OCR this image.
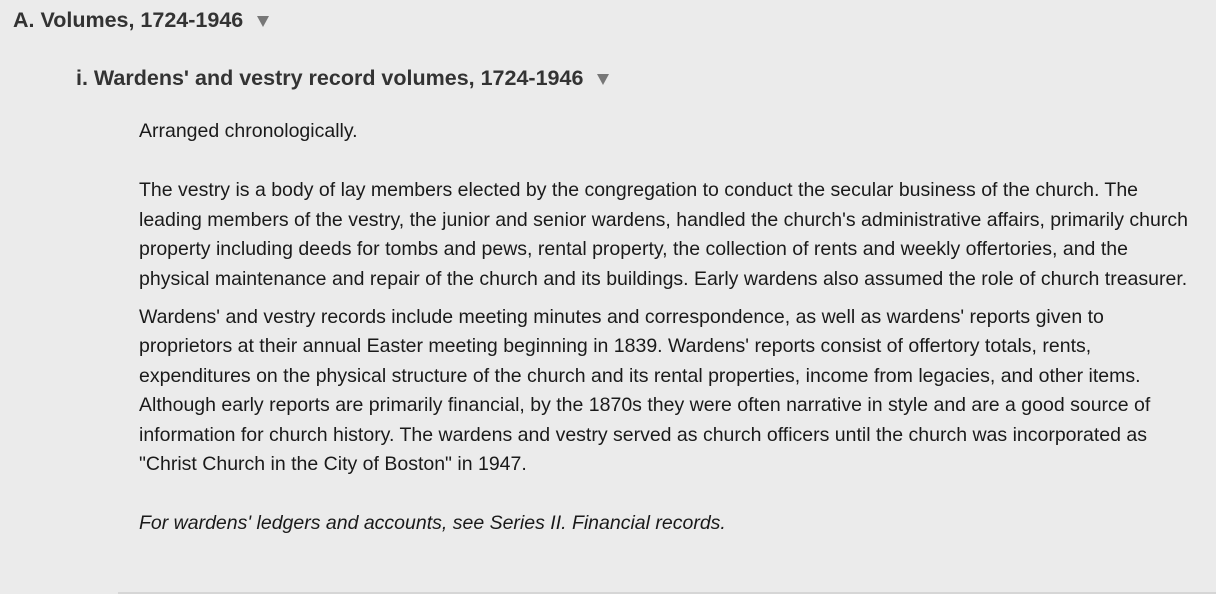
A. Volumes, 1724-1946
i. Wardens' and vestry record volumes, 1724-1946

Arranged chronologically.

The vestry is a body of lay members elected by the congregation to conduct the secular business of the church. The leading members of the vestry, the junior and senior wardens, handled the church's administrative affairs, primarily church property including deeds for tombs and pews, rental property, the collection of rents and weekly offertories, and the physical maintenance and repair of the church and its buildings. Early wardens also assumed the role of church treasurer.

Wardens' and vestry records include meeting minutes and correspondence, as well as wardens' reports given to proprietors at their annual Easter meeting beginning in 1839. Wardens' reports consist of offertory totals, rents, expenditures on the physical structure of the church and its rental properties, income from legacies, and other items. Although early reports are primarily financial, by the 1870s they were often narrative in style and are a good source of information for church history. The wardens and vestry served as church officers until the church was incorporated as "Christ Church in the City of Boston" in 1947.

For wardens' ledgers and accounts, see Series II. Financial records.
